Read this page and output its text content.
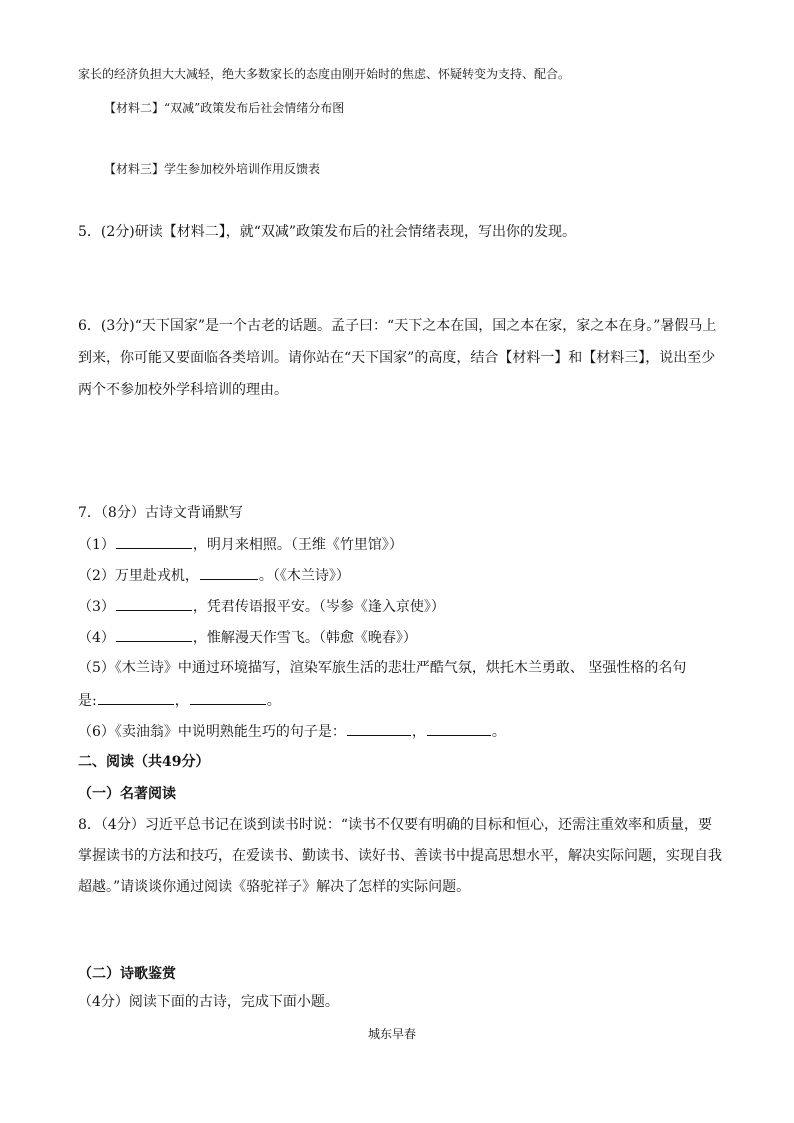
家长的经济负担大大减轻，绝大多数家长的态度由刚开始时的焦虑、怀疑转变为支持、配合。
【材料二】“双减”政策发布后社会情绪分布图
【材料三】学生参加校外培训作用反馈表
5．(2分)研读【材料二】，就“双减”政策发布后的社会情绪表现，写出你的发现。
6．(3分)“天下国家”是一个古老的话题。孟子曰：“天下之本在国，国之本在家，家之本在身。”暑假马上
到来，你可能又要面临各类培训。请你站在“天下国家”的高度，结合【材料一】和【材料三】，说出至少
两个不参加校外学科培训的理由。
7．（8分）古诗文背诵默写
（1）	，明月来相照。（王维《竹里馆》）
（2）万里赴戎机，	。（《木兰诗》）
（3）	，凭君传语报平安。（岑参《逢入京使》）
（4）	，惟解漫天作雪飞。（韩愈《晚春》）
（5）《木兰诗》中通过环境描写，渲染军旅生活的悲壮严酷气氛，烘托木兰勇敢、 坚强性格的名句
是:	，	。
（6）《卖油翁》中说明熟能生巧的句子是：	，	。
二、阅读（共49分）
（一）名著阅读
8．（4分）习近平总书记在谈到读书时说：“读书不仅要有明确的目标和恒心，还需注重效率和质量，要
掌握读书的方法和技巧，在爱读书、勤读书、读好书、善读书中提高思想水平，解决实际问题，实现自我
超越。”请谈谈你通过阅读《骆驼祥子》解决了怎样的实际问题。
（二）诗歌鉴赏
（4分）阅读下面的古诗，完成下面小题。
城东早春
